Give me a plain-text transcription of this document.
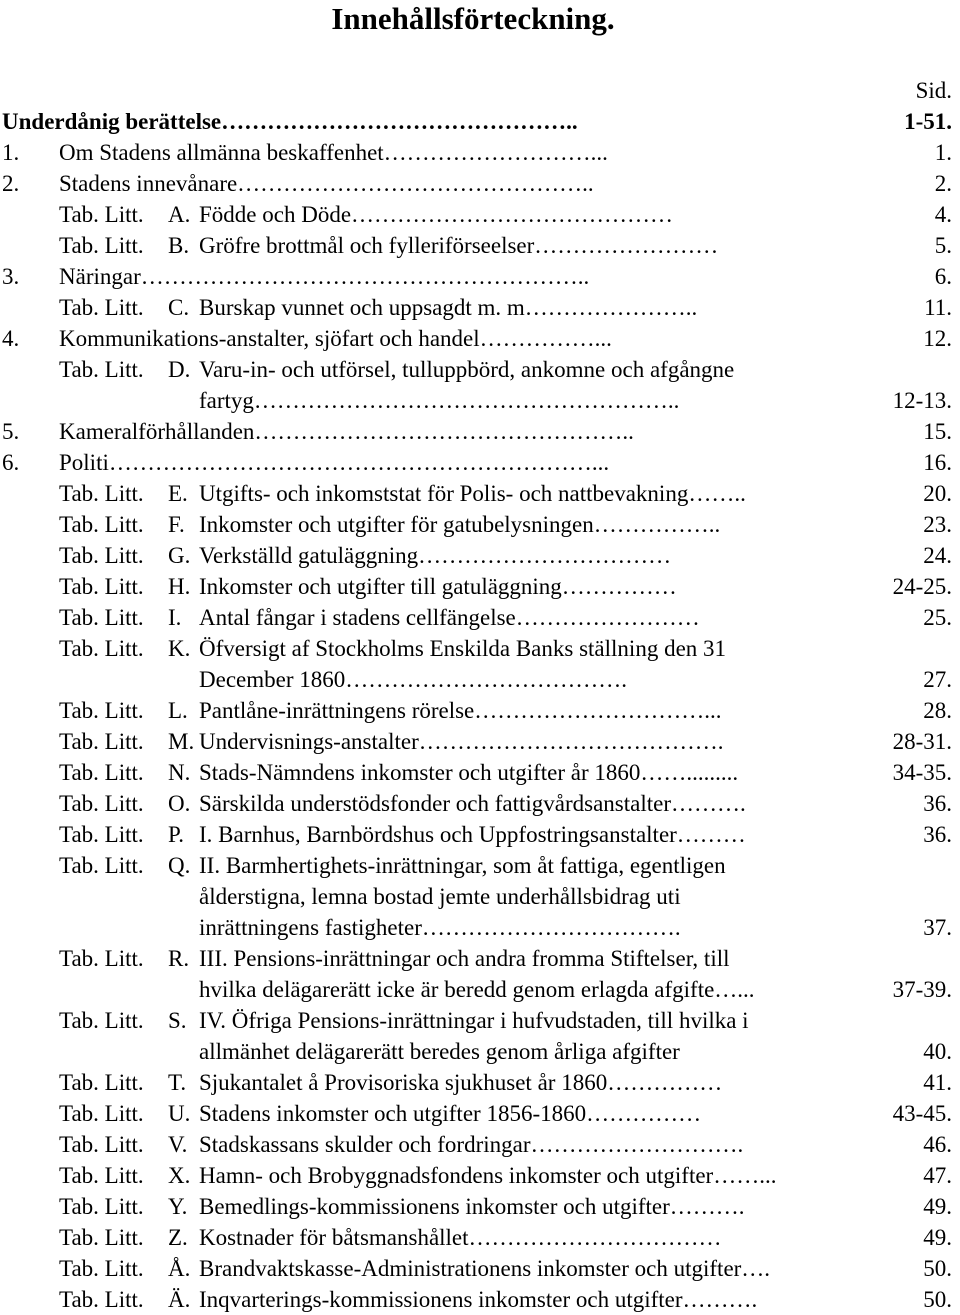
Innehållsförteckning.
Sid.
Underdånig berättelse………………………………………..	1-51.
1. Om Stadens allmänna beskaffenhet………………………...	1.
2. Stadens innevånare………………………………………..	2.
Tab. Litt. A. Födde och Döde……………………………………	4.
Tab. Litt. B. Gröfre brottmål och fylleriförseelser……………………	5.
3. Näringar…………………………………………………..	6.
Tab. Litt. C. Burskap vunnet och uppsagdt m. m…………………..	11.
4. Kommunikations-anstalter, sjöfart och handel……………...	12.
Tab. Litt. D. Varu-in- och utförsel, tulluppbörd, ankomne och afgångne
fartyg………………………………………………..	12-13.
5. Kameralförhållanden…………………………………………..	15.
6. Politi………………………………………………………...	16.
Tab. Litt. E. Utgifts- och inkomststat för Polis- och nattbevakning……..	20.
Tab. Litt. F. Inkomster och utgifter för gatubelysningen……………..	23.
Tab. Litt. G. Verkställd gatuläggning……………………………	24.
Tab. Litt. H. Inkomster och utgifter till gatuläggning……………	24-25.
Tab. Litt. I. Antal fångar i stadens cellfängelse……………………	25.
Tab. Litt. K. Öfversigt af Stockholms Enskilda Banks ställning den 31
December 1860……………………………….	27.
Tab. Litt. L. Pantlåne-inrättningens rörelse…………………………...	28.
Tab. Litt. M. Undervisnings-anstalter………………………………….	28-31.
Tab. Litt. N. Stads-Nämndens inkomster och utgifter år 1860…….........	34-35.
Tab. Litt. O. Särskilda understödsfonder och fattigvårdsanstalter……….	36.
Tab. Litt. P. I. Barnhus, Barnbördshus och Uppfostringsanstalter………	36.
Tab. Litt. Q. II. Barmhertighets-inrättningar, som åt fattiga, egentligen
ålderstigna, lemna bostad jemte underhållsbidrag uti
inrättningens fastigheter…………………………….	37.
Tab. Litt. R. III. Pensions-inrättningar och andra fromma Stiftelser, till
hvilka delägarerätt icke är beredd genom erlagda afgifte…...	37-39.
Tab. Litt. S. IV. Öfriga Pensions-inrättningar i hufvudstaden, till hvilka i
allmänhet delägarerätt beredes genom årliga afgifter	40.
Tab. Litt. T. Sjukantalet å Provisoriska sjukhuset år 1860……………	41.
Tab. Litt. U. Stadens inkomster och utgifter 1856-1860……………	43-45.
Tab. Litt. V. Stadskassans skulder och fordringar……………………….	46.
Tab. Litt. X. Hamn- och Brobyggnadsfondens inkomster och utgifter……...	47.
Tab. Litt. Y. Bemedlings-kommissionens inkomster och utgifter……….	49.
Tab. Litt. Z. Kostnader för båtsmanshållet……………………………	49.
Tab. Litt. Å. Brandvaktskasse-Administrationens inkomster och utgifter….	50.
Tab. Litt. Ä. Inqvarterings-kommissionens inkomster och utgifter……….	50.
